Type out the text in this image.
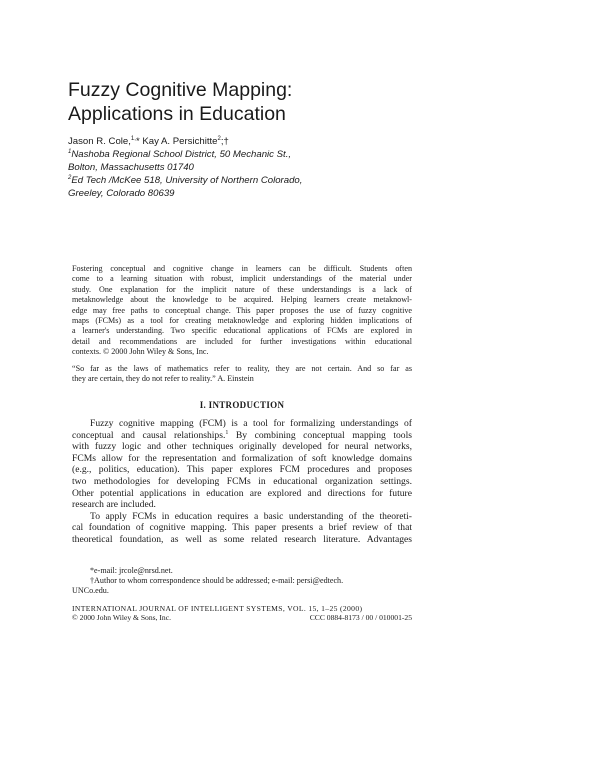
Fuzzy Cognitive Mapping:
Applications in Education
Jason R. Cole,$^{1,}$* Kay A. Persichitte$^2$;†
$^1$Nashoba Regional School District, 50 Mechanic St.,
Bolton, Massachusetts 01740
$^2$Ed Tech /McKee 518, University of Northern Colorado,
Greeley, Colorado 80639
Fostering conceptual and cognitive change in learners can be difficult. Students often
come to a learning situation with robust, implicit understandings of the material under
study. One explanation for the implicit nature of these understandings is a lack of
metaknowledge about the knowledge to be acquired. Helping learners create metaknowl-
edge may free paths to conceptual change. This paper proposes the use of fuzzy cognitive
maps (FCMs) as a tool for creating metaknowledge and exploring hidden implications of
a learner's understanding. Two specific educational applications of FCMs are explored in
detail and recommendations are included for further investigations within educational
contexts. © 2000 John Wiley & Sons, Inc.
“So far as the laws of mathematics refer to reality, they are not certain. And so far as
they are certain, they do not refer to reality.” A. Einstein
I. INTRODUCTION
Fuzzy cognitive mapping (FCM) is a tool for formalizing understandings of
conceptual and causal relationships.$^1$ By combining conceptual mapping tools
with fuzzy logic and other techniques originally developed for neural networks,
FCMs allow for the representation and formalization of soft knowledge domains
(e.g., politics, education). This paper explores FCM procedures and proposes
two methodologies for developing FCMs in educational organization settings.
Other potential applications in education are explored and directions for future
research are included.
To apply FCMs in education requires a basic understanding of the theoreti-
cal foundation of cognitive mapping. This paper presents a brief review of that
theoretical foundation, as well as some related research literature. Advantages
*e-mail: jrcole@nrsd.net.
†Author to whom correspondence should be addressed; e-mail: persi@edtech.
UNCo.edu.
INTERNATIONAL JOURNAL OF INTELLIGENT SYSTEMS, VOL. 15, 1–25 (2000)
© 2000 John Wiley & Sons, Inc.	CCC 0884-8173 / 00 / 010001-25
